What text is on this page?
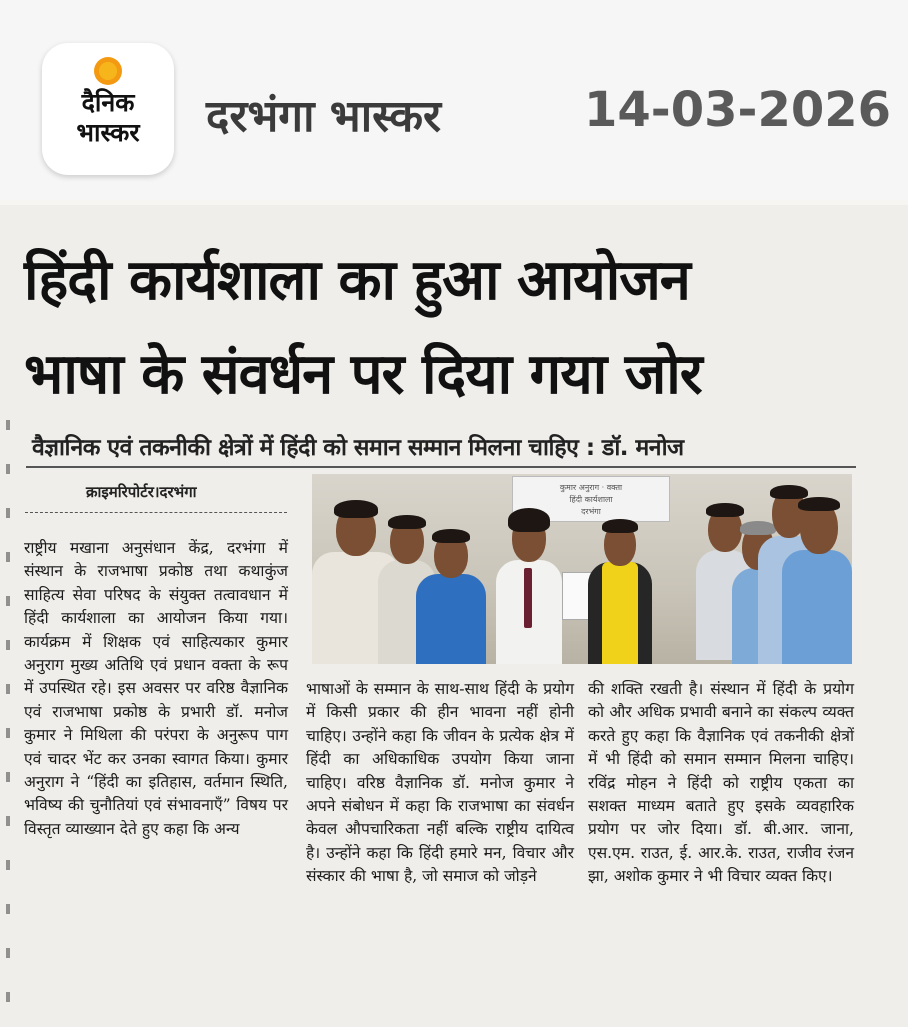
दैनिक
भास्कर	दरभंगा भास्कर	14-03-2026
हिंदी कार्यशाला का हुआ आयोजन
भाषा के संवर्धन पर दिया गया जोर
वैज्ञानिक एवं तकनीकी क्षेत्रों में हिंदी को समान सम्मान मिलना चाहिए : डॉ. मनोज
क्राइमरिपोर्टर।दरभंगा
राष्ट्रीय मखाना अनुसंधान केंद्र, दरभंगा में संस्थान के राजभाषा प्रकोष्ठ तथा कथाकुंज साहित्य सेवा परिषद के संयुक्त तत्वावधान में हिंदी कार्यशाला का आयोजन किया गया। कार्यक्रम में शिक्षक एवं साहित्यकार कुमार अनुराग मुख्य अतिथि एवं प्रधान वक्ता के रूप में उपस्थित रहे। इस अवसर पर वरिष्ठ वैज्ञानिक एवं राजभाषा प्रकोष्ठ के प्रभारी डॉ. मनोज कुमार ने मिथिला की परंपरा के अनुरूप पाग एवं चादर भेंट कर उनका स्वागत किया। कुमार अनुराग ने “हिंदी का इतिहास, वर्तमान स्थिति, भविष्य की चुनौतियां एवं संभावनाएँ” विषय पर विस्तृत व्याख्यान देते हुए कहा कि अन्य
भाषाओं के सम्मान के साथ-साथ हिंदी के प्रयोग में किसी प्रकार की हीन भावना नहीं होनी चाहिए। उन्होंने कहा कि जीवन के प्रत्येक क्षेत्र में हिंदी का अधिकाधिक उपयोग किया जाना चाहिए। वरिष्ठ वैज्ञानिक डॉ. मनोज कुमार ने अपने संबोधन में कहा कि राजभाषा का संवर्धन केवल औपचारिकता नहीं बल्कि राष्ट्रीय दायित्व है। उन्होंने कहा कि हिंदी हमारे मन, विचार और संस्कार की भाषा है, जो समाज को जोड़ने
की शक्ति रखती है। संस्थान में हिंदी के प्रयोग को और अधिक प्रभावी बनाने का संकल्प व्यक्त करते हुए कहा कि वैज्ञानिक एवं तकनीकी क्षेत्रों में भी हिंदी को समान सम्मान मिलना चाहिए। रविंद्र मोहन ने हिंदी को राष्ट्रीय एकता का सशक्त माध्यम बताते हुए इसके व्यवहारिक प्रयोग पर जोर दिया। डॉ. बी.आर. जाना, एस.एम. राउत, ई. आर.के. राउत, राजीव रंजन झा, अशोक कुमार ने भी विचार व्यक्त किए।
कुमार अनुराग · वक्ता
हिंदी कार्यशाला
दरभंगा
